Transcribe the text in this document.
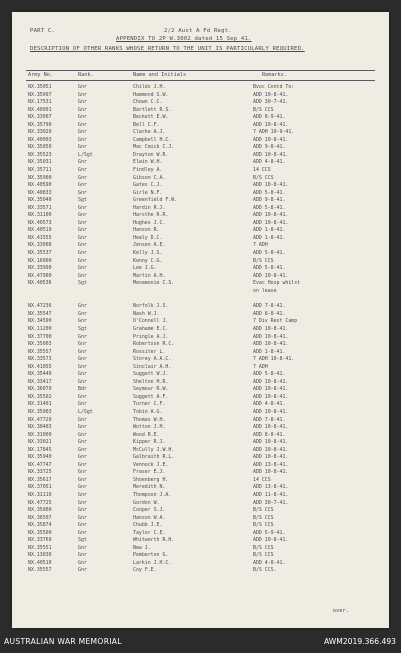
PART C.	2/2 Aust A Fd Regt.
APPENDIX TO 2P W.3002 dated 15 Sep 41.
DESCRIPTION OF OTHER RANKS WHOSE RETURN TO THE UNIT IS PARTICULARLY REQUIRED.
Army No.	Rank.	Name and Initials	Remarks.
NX.35051	Gnr	Childs J.H.	Bvoc Contd To:
NX.35097	Gnr	Hammond S.W.	ADD 10-8-41.
NX.17531	Gnr	Chown C.C.	ADD 30-7-41.
NX.40001	Gnr	Bartlett R.S.	B/S CCS
NX.33007	Gnr	Beckett E.W.	ADD 8-9-41.
NX.35790	Gnr	Bell C.F.	ADD 10-8-41.
NX.33020	Gnr	Clarke A.J.	7 ADH 10-9-41.
NX.40003	Gnr	Campbell H.C.	ADD 10-8-41.
NX.35050	Gnr	Mac Cmick C.J.	ADD 9-8-41.
NX.35523	L/Sgt	Drayton W.R.	ADD 10-8-41.
NX.35031	Gnr	Elwin W.H.	ADD 4-8-41.
NX.35711	Gnr	Findley A.	14 CCS
NX.35900	Gnr	Gibson C.A.	B/S CCS
NX.40590	Gnr	Gates C.J.	ADD 10-8-41.
NX.40833	Gnr	Girle N.F.	ADD 5-8-41.
NX.35040	Sgt	Greenfield F.W.	ADD 9-8-41.
NX.33571	Gnr	Hardin R.J.	ADD 5-8-41.
NX.31100	Gnr	Harsthe R.R.	ADD 10-8-41.
NX.40573	Gnr	Hughes J.C.	ADD 10-8-41.
NX.40519	Gnr	Hanson R.	ADD 1-8-41.
NX.41555	Gnr	Healy D.C.	ADD 1-8-41.
NX.33008	Gnr	Jensen A.E.	7 ADH
NX.35537	Gnr	Kelly J.S.	ADD 5-8-41.
NX.16000	Gnr	Kenny C.G.	B/S CCS
NX.33990	Gnr	Lee J.G.	ADD 5-8-41.
NX.47900	Gnr	Martin A.H.	ADD 10-8-41.
NX.40536	Sgt	Menamonie C.S.	Evac Hosp whilst
on leave
NX.47236	Gnr	Norfolk J.S.	ADD 7-8-41.
NX.35547	Gnr	Nash W.J.	ADD 8-8-41.
NX.34590	Gnr	O'Connell J.	7 Div Rest Camp
NX.11200	Sgt	Grahame E.C.	ADD 10-8-41.
NX.37700	Gnr	Pringle A.J.	ADD 10-8-41.
NX.35003	Gnr	Robertson R.C.	ADD 10-8-41.
NX.35557	Gnr	Rossiter L.	ADD 1-8-41.
NX.33573	Gnr	Storey A.A.C.	7 ADH 10-8-41.
NX.41055	Gnr	Sinclair A.H.	7 ADH
NX.35440	Gnr	Suggett W.J.	ADD 5-8-41.
NX.33417	Gnr	Shelton H.R.	ADD 10-8-41.
NX.36070	Bdr	Seymour R.W.	ADD 10-8-41.
NX.35502	Gnr	Suggett A.F.	ADD 10-8-41.
NX.31401	Gnr	Turner C.F.	ADD 4-8-41.
NX.35003	L/Sgt	Tobin A.G.	ADD 10-8-41.
NX.47720	Gnr	Thomas W.H.	ADD 7-8-41.
NX.30403	Gnr	Wotton J.H.	ADD 10-8-41.
NX.31000	Gnr	Wood R.E.	ADD 8-8-41.
NX.33021	Gnr	Kipper R.J.	ADD 10-8-41.
NX.17845	Gnr	McCully J.W.H.	ADD 10-8-41.
NX.35940	Gnr	Galbraith R.L.	ADD 10-8-41.
NX.47747	Gnr	Vennock J.E.	ADD 13-8-41.
NX.33725	Gnr	Fraser E.J.	ADD 10-8-41.
NX.35617	Gnr	Shoenberg H.	14 CCS
NX.37051	Gnr	Meredith N.	ADD 13-8-41.
NX.31110	Gnr	Thompson J.A.	ADD 11-8-41.
NX.47725	Gnr	Gordon W.	ADD 30-7-41.
NX.35000	Gnr	Cooper S.J.	B/S CCS
NX.36507	Gnr	Hanson W.A.	B/S CCS
NX.35874	Gnr	Chubb J.E.	B/S CCS
NX.35500	Gnr	Taylor C.E.	ADD 5-9-41.
NX.33769	Sgt	Whitworth R.H.	ADD 10-8-41.
NX.35551	Gnr	New J.	B/S CCS
NX.13030	Gnr	Pemberton G.	B/S CCS
NX.40510	Gnr	Larkin J.H.C.	ADD 4-8-41.
NX.35557	Gnr	Coy F.E.	B/S CCS.
over.
AUSTRALIAN WAR MEMORIAL	AWM2019.366.493
